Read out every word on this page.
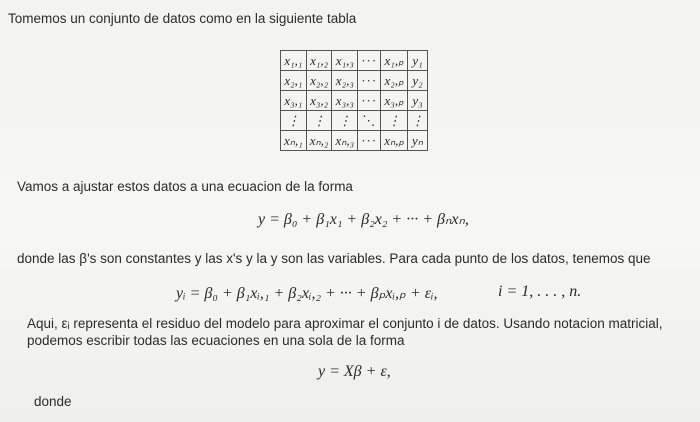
Tomemos un conjunto de datos como en la siguiente tabla
x₁,₁	x₁,₂	x₁,₃	···	x₁,ₚ	y₁
x₂,₁	x₂,₂	x₂,₃	···	x₂,ₚ	y₂
x₃,₁	x₃,₂	x₃,₃	···	x₃,ₚ	y₃
⋮	⋮	⋮	⋱	⋮	⋮
xₙ,₁	xₙ,₂	xₙ,₃	···	xₙ,ₚ	yₙ
Vamos a ajustar estos datos a una ecuacion de la forma
y = β₀ + β₁x₁ + β₂x₂ + ··· + βₙxₙ,
donde las β's son constantes y las x's y la y son las variables. Para cada punto de los datos, tenemos que
yᵢ = β₀ + β₁xᵢ,₁ + β₂xᵢ,₂ + ··· + βₚxᵢ,ₚ + εᵢ,	i = 1, . . . , n.
Aqui, εᵢ representa el residuo del modelo para aproximar el conjunto i de datos. Usando notacion matricial,
podemos escribir todas las ecuaciones en una sola de la forma
y = Xβ + ε,
donde
